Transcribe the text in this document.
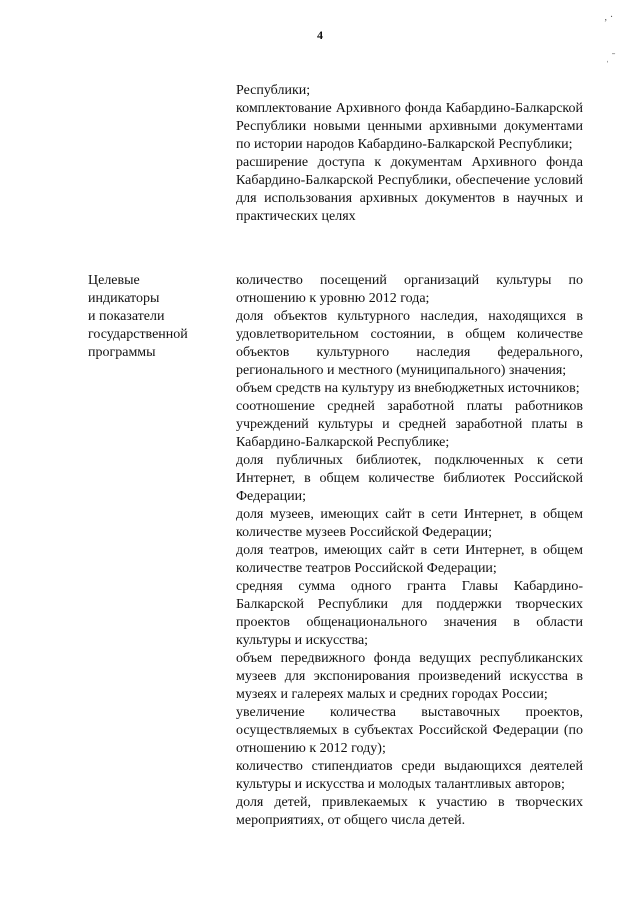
4
‚ ·
ˌ ˉ
Республики;
комплектование Архивного фонда Кабардино-Балкарской Республики новыми ценными архивными документами по истории народов Кабардино-Балкарской Республики;
расширение доступа к документам Архивного фонда Кабардино-Балкарской Республики, обеспечение условий для использования архивных документов в научных и практических целях
Целевые
индикаторы
и показатели
государственной
программы
количество посещений организаций культуры по отношению к уровню 2012 года;
доля объектов культурного наследия, находящихся в удовлетворительном состоянии, в общем количестве объектов культурного наследия федерального, регионального и местного (муниципального) значения;
объем средств на культуру из внебюджетных источников;
соотношение средней заработной платы работников учреждений культуры и средней заработной платы в Кабардино-Балкарской Республике;
доля публичных библиотек, подключенных к сети Интернет, в общем количестве библиотек Российской Федерации;
доля музеев, имеющих сайт в сети Интернет, в общем количестве музеев Российской Федерации;
доля театров, имеющих сайт в сети Интернет, в общем количестве театров Российской Федерации;
средняя сумма одного гранта Главы Кабардино-Балкарской Республики для поддержки творческих проектов общенационального значения в области культуры и искусства;
объем передвижного фонда ведущих республиканских музеев для экспонирования произведений искусства в музеях и галереях малых и средних городах России;
увеличение количества выставочных проектов, осуществляемых в субъектах Российской Федерации (по отношению к 2012 году);
количество стипендиатов среди выдающихся деятелей культуры и искусства и молодых талантливых авторов;
доля детей, привлекаемых к участию в творческих мероприятиях, от общего числа детей.
